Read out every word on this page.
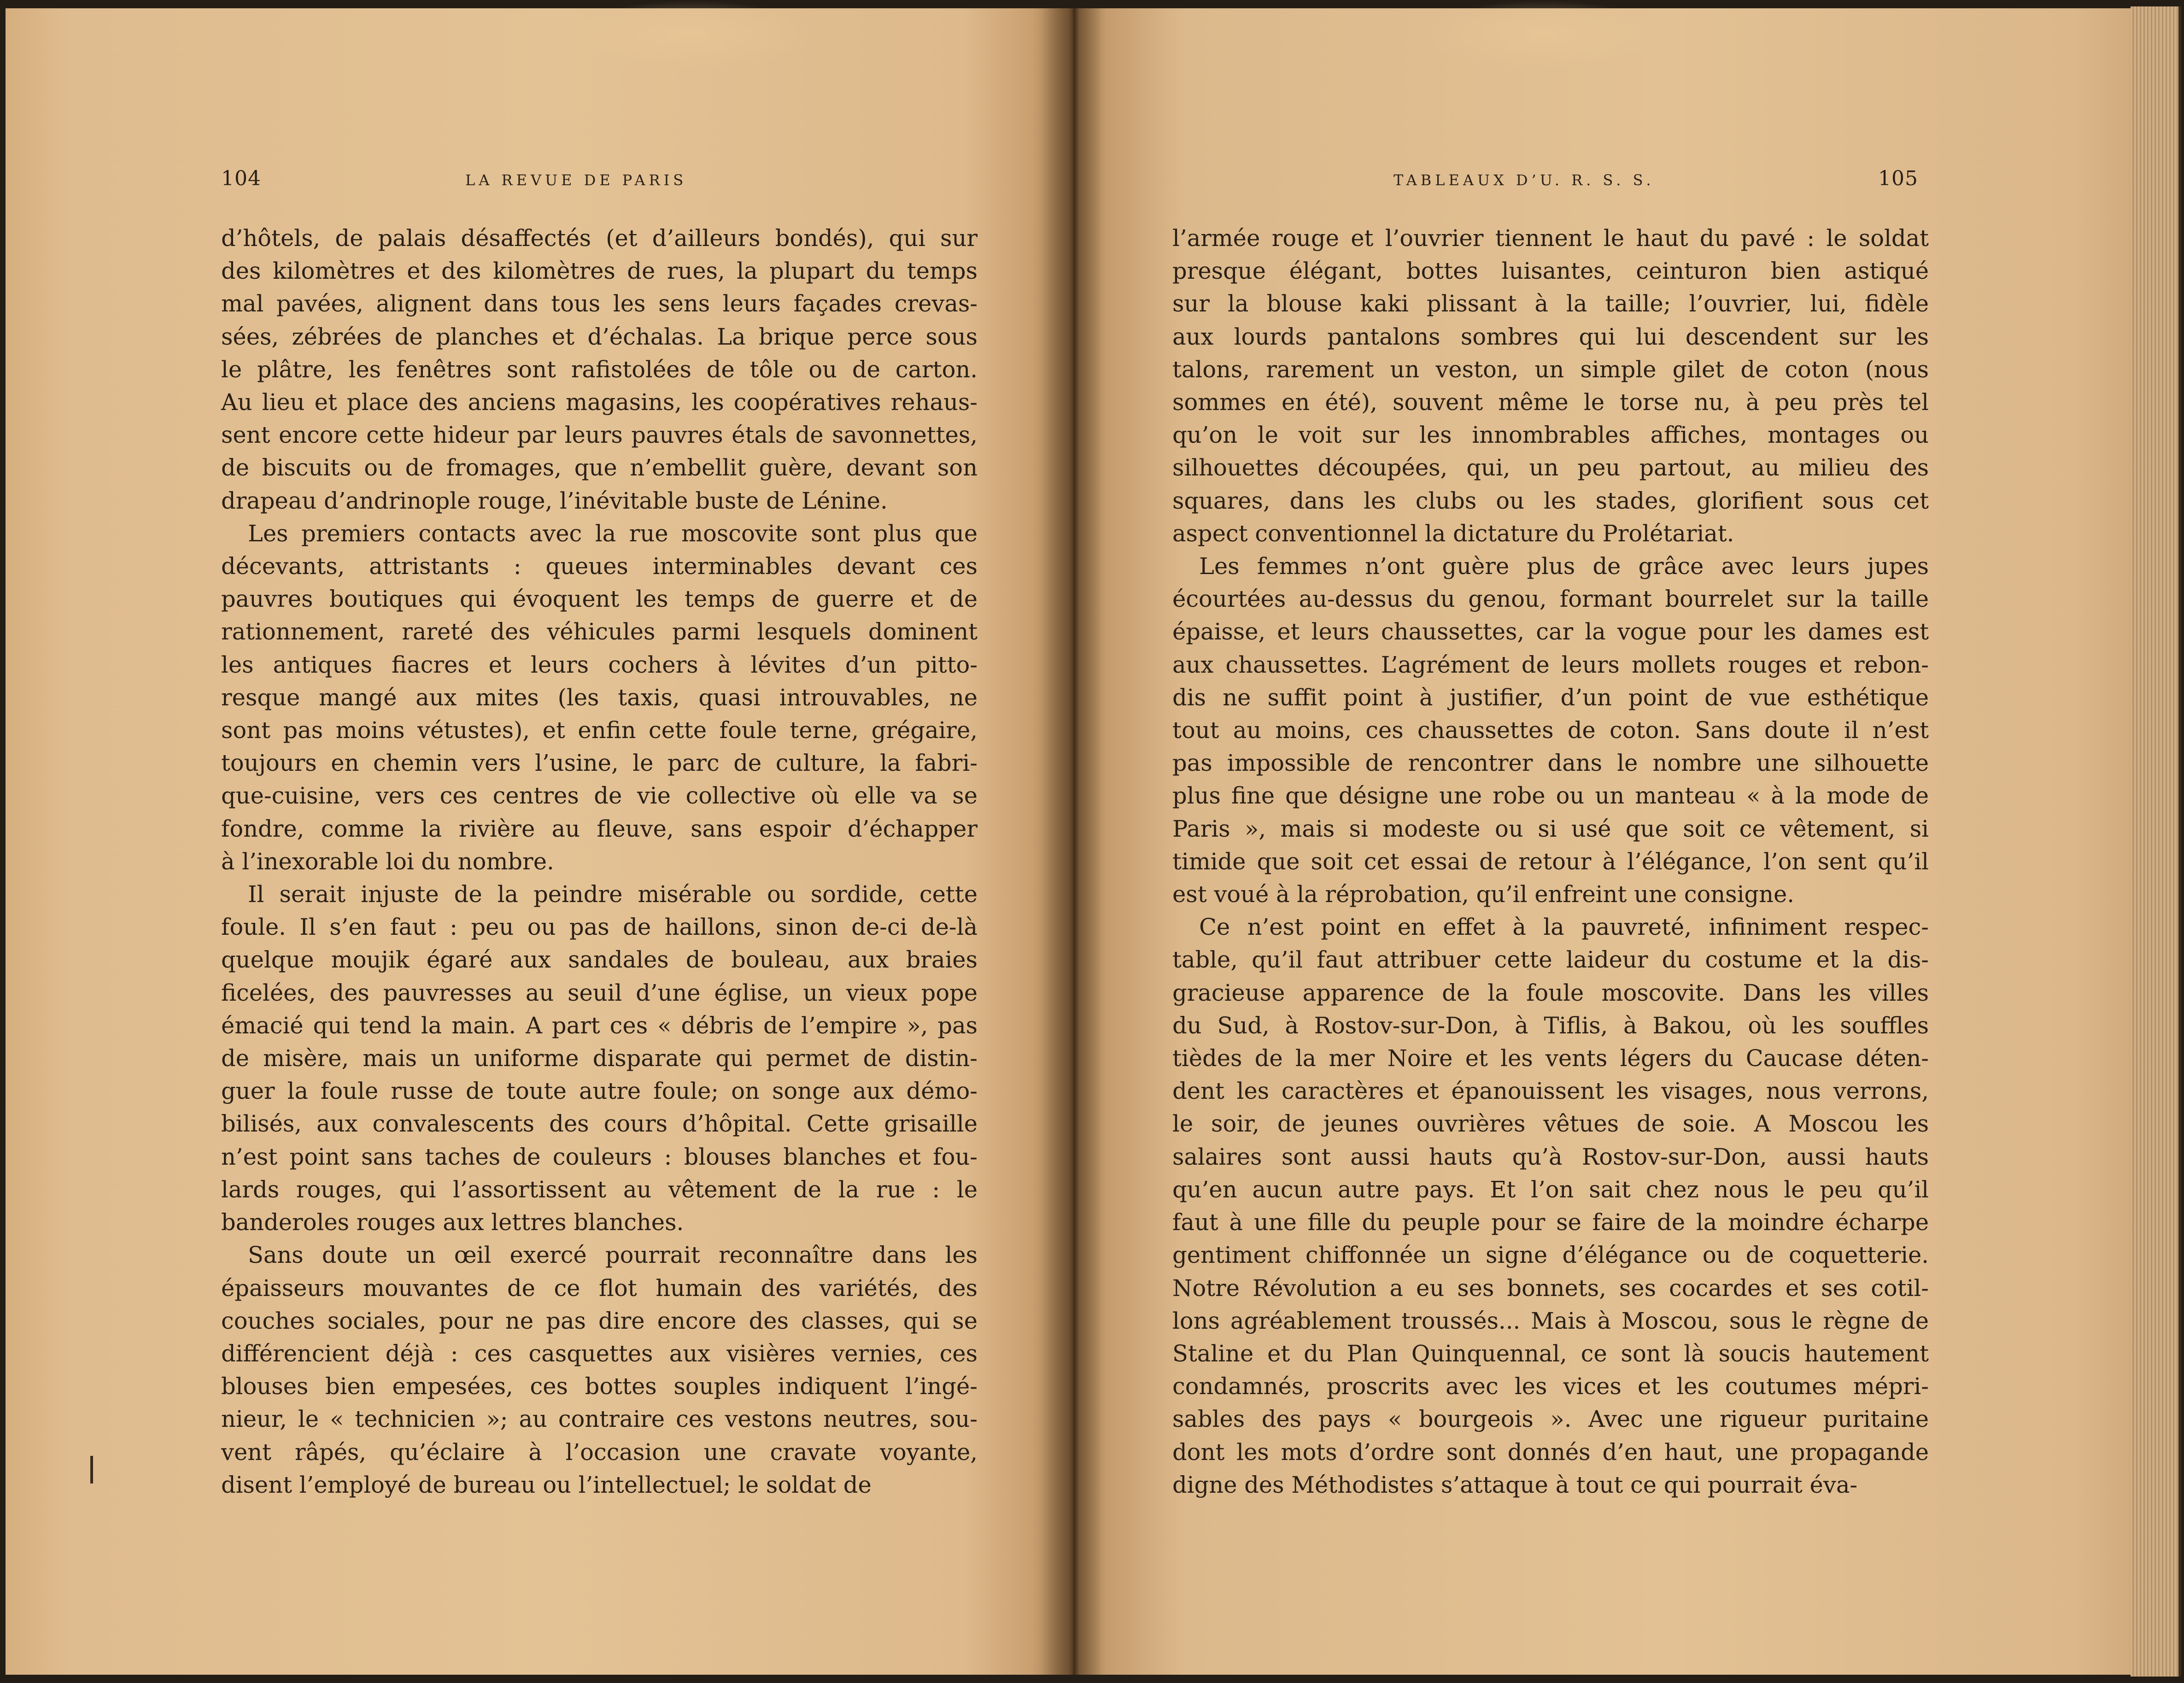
104	LA REVUE DE PARIS	TABLEAUX D’U. R. S. S.	105

d’hôtels, de palais désaffectés (et d’ailleurs bondés), qui sur
des kilomètres et des kilomètres de rues, la plupart du temps
mal pavées, alignent dans tous les sens leurs façades crevas-
sées, zébrées de planches et d’échalas. La brique perce sous
le plâtre, les fenêtres sont rafistolées de tôle ou de carton.
Au lieu et place des anciens magasins, les coopératives rehaus-
sent encore cette hideur par leurs pauvres étals de savonnettes,
de biscuits ou de fromages, que n’embellit guère, devant son
drapeau d’andrinople rouge, l’inévitable buste de Lénine.

Les premiers contacts avec la rue moscovite sont plus que
décevants, attristants : queues interminables devant ces
pauvres boutiques qui évoquent les temps de guerre et de
rationnement, rareté des véhicules parmi lesquels dominent
les antiques fiacres et leurs cochers à lévites d’un pitto-
resque mangé aux mites (les taxis, quasi introuvables, ne
sont pas moins vétustes), et enfin cette foule terne, grégaire,
toujours en chemin vers l’usine, le parc de culture, la fabri-
que-cuisine, vers ces centres de vie collective où elle va se
fondre, comme la rivière au fleuve, sans espoir d’échapper
à l’inexorable loi du nombre.

Il serait injuste de la peindre misérable ou sordide, cette
foule. Il s’en faut : peu ou pas de haillons, sinon de-ci de-là
quelque moujik égaré aux sandales de bouleau, aux braies
ficelées, des pauvresses au seuil d’une église, un vieux pope
émacié qui tend la main. A part ces « débris de l’empire », pas
de misère, mais un uniforme disparate qui permet de distin-
guer la foule russe de toute autre foule; on songe aux démo-
bilisés, aux convalescents des cours d’hôpital. Cette grisaille
n’est point sans taches de couleurs : blouses blanches et fou-
lards rouges, qui l’assortissent au vêtement de la rue : le
banderoles rouges aux lettres blanches.

Sans doute un œil exercé pourrait reconnaître dans les
épaisseurs mouvantes de ce flot humain des variétés, des
couches sociales, pour ne pas dire encore des classes, qui se
différencient déjà : ces casquettes aux visières vernies, ces
blouses bien empesées, ces bottes souples indiquent l’ingé-
nieur, le « technicien »; au contraire ces vestons neutres, sou-
vent râpés, qu’éclaire à l’occasion une cravate voyante,
disent l’employé de bureau ou l’intellectuel; le soldat de

l’armée rouge et l’ouvrier tiennent le haut du pavé : le soldat
presque élégant, bottes luisantes, ceinturon bien astiqué
sur la blouse kaki plissant à la taille; l’ouvrier, lui, fidèle
aux lourds pantalons sombres qui lui descendent sur les
talons, rarement un veston, un simple gilet de coton (nous
sommes en été), souvent même le torse nu, à peu près tel
qu’on le voit sur les innombrables affiches, montages ou
silhouettes découpées, qui, un peu partout, au milieu des
squares, dans les clubs ou les stades, glorifient sous cet
aspect conventionnel la dictature du Prolétariat.

Les femmes n’ont guère plus de grâce avec leurs jupes
écourtées au-dessus du genou, formant bourrelet sur la taille
épaisse, et leurs chaussettes, car la vogue pour les dames est
aux chaussettes. L’agrément de leurs mollets rouges et rebon-
dis ne suffit point à justifier, d’un point de vue esthétique
tout au moins, ces chaussettes de coton. Sans doute il n’est
pas impossible de rencontrer dans le nombre une silhouette
plus fine que désigne une robe ou un manteau « à la mode de
Paris », mais si modeste ou si usé que soit ce vêtement, si
timide que soit cet essai de retour à l’élégance, l’on sent qu’il
est voué à la réprobation, qu’il enfreint une consigne.

Ce n’est point en effet à la pauvreté, infiniment respec-
table, qu’il faut attribuer cette laideur du costume et la dis-
gracieuse apparence de la foule moscovite. Dans les villes
du Sud, à Rostov-sur-Don, à Tiflis, à Bakou, où les souffles
tièdes de la mer Noire et les vents légers du Caucase déten-
dent les caractères et épanouissent les visages, nous verrons,
le soir, de jeunes ouvrières vêtues de soie. A Moscou les
salaires sont aussi hauts qu’à Rostov-sur-Don, aussi hauts
qu’en aucun autre pays. Et l’on sait chez nous le peu qu’il
faut à une fille du peuple pour se faire de la moindre écharpe
gentiment chiffonnée un signe d’élégance ou de coquetterie.
Notre Révolution a eu ses bonnets, ses cocardes et ses cotil-
lons agréablement troussés... Mais à Moscou, sous le règne de
Staline et du Plan Quinquennal, ce sont là soucis hautement
condamnés, proscrits avec les vices et les coutumes mépri-
sables des pays « bourgeois ». Avec une rigueur puritaine
dont les mots d’ordre sont donnés d’en haut, une propagande
digne des Méthodistes s’attaque à tout ce qui pourrait éva-
